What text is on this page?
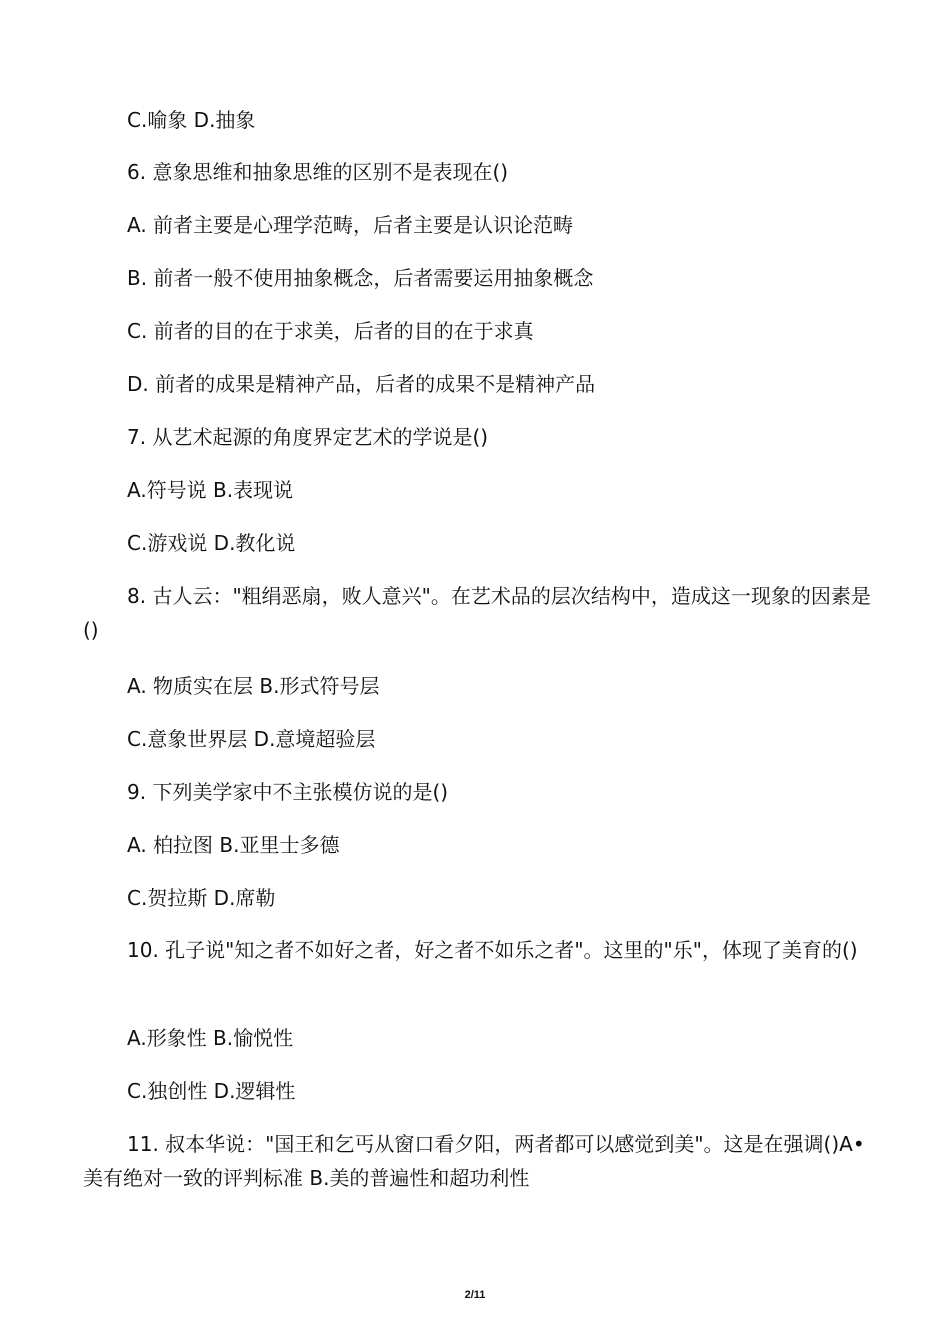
C.喻象 D.抽象
6. 意象思维和抽象思维的区别不是表现在()
A. 前者主要是心理学范畴，后者主要是认识论范畴
B. 前者一般不使用抽象概念，后者需要运用抽象概念
C. 前者的目的在于求美，后者的目的在于求真
D. 前者的成果是精神产品，后者的成果不是精神产品
7. 从艺术起源的角度界定艺术的学说是()
A.符号说 B.表现说
C.游戏说 D.教化说
8. 古人云："粗绢恶扇，败人意兴"。在艺术品的层次结构中，造成这一现象的因素是()
A. 物质实在层 B.形式符号层
C.意象世界层 D.意境超验层
9. 下列美学家中不主张模仿说的是()
A. 柏拉图 B.亚里士多德
C.贺拉斯 D.席勒
10. 孔子说"知之者不如好之者，好之者不如乐之者"。这里的"乐"，体现了美育的()
A.形象性 B.愉悦性
C.独创性 D.逻辑性
11. 叔本华说："国王和乞丐从窗口看夕阳，两者都可以感觉到美"。这是在强调()A•美有绝对一致的评判标准 B.美的普遍性和超功利性
2/11
